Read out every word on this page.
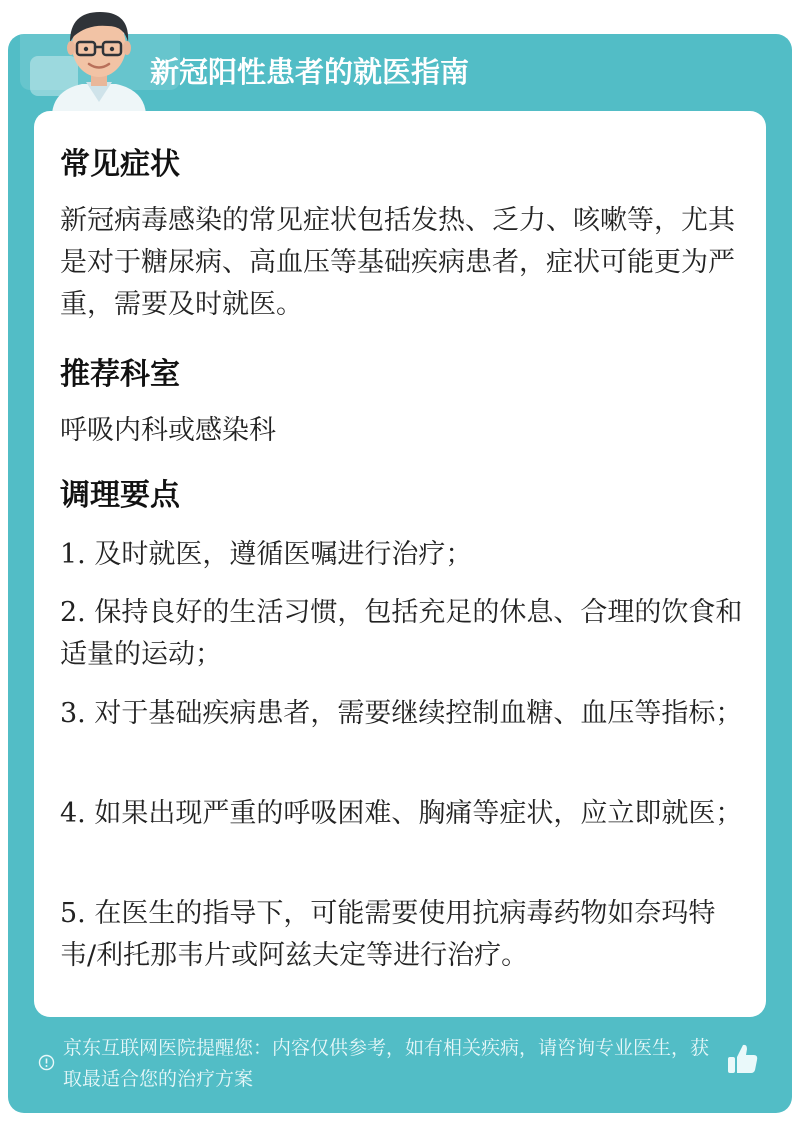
新冠阳性患者的就医指南
常见症状
新冠病毒感染的常见症状包括发热、乏力、咳嗽等，尤其是对于糖尿病、高血压等基础疾病患者，症状可能更为严重，需要及时就医。
推荐科室
呼吸内科或感染科
调理要点
1. 及时就医，遵循医嘱进行治疗；
2. 保持良好的生活习惯，包括充足的休息、合理的饮食和适量的运动；
3. 对于基础疾病患者，需要继续控制血糖、血压等指标；
4. 如果出现严重的呼吸困难、胸痛等症状，应立即就医；
5. 在医生的指导下，可能需要使用抗病毒药物如奈玛特韦/利托那韦片或阿兹夫定等进行治疗。
京东互联网医院提醒您：内容仅供参考，如有相关疾病，请咨询专业医生，获取最适合您的治疗方案
